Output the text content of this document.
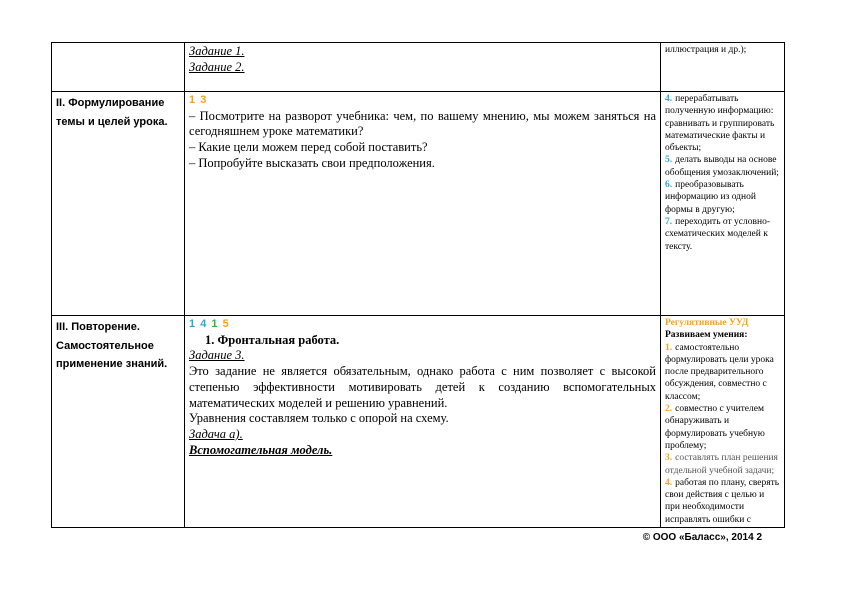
Задание 1.
Задание 2.

иллюстрация и др.);

II. Формулирование темы и целей урока.
1 3

– Посмотрите на разворот учебника: чем, по вашему мнению, мы можем заняться на сегодняшнем уроке математики?

– Какие цели можем перед собой поставить?

– Попробуйте высказать свои предположения.

4. перерабатывать полученную информацию: сравнивать и группировать математические факты и объекты;

5. делать выводы на основе обобщения умозаключений;

6. преобразовывать информацию из одной формы в другую;

7. переходить от условно-схематических моделей к тексту.

III. Повторение. Самостоятельное применение знаний.
1 4 1 5
1. Фронтальная работа.
Задание 3.

Это задание не является обязательным, однако работа с ним позволяет с высокой степенью эффективности мотивировать детей к созданию вспомогательных математических моделей и решению уравнений.

Уравнения составляем только с опорой на схему.

Задача а).
Вспомогательная модель.

Регулятивные УУД

Развиваем умения:

1. самостоятельно формулировать цели урока после предварительного обсуждения, совместно с классом;

2. совместно с учителем обнаруживать и формулировать учебную проблему;

3. составлять план решения отдельной учебной задачи;

4. работая по плану, сверять свои действия с целью и при необходимости исправлять ошибки с

© ООО «Баласс», 2014 2
